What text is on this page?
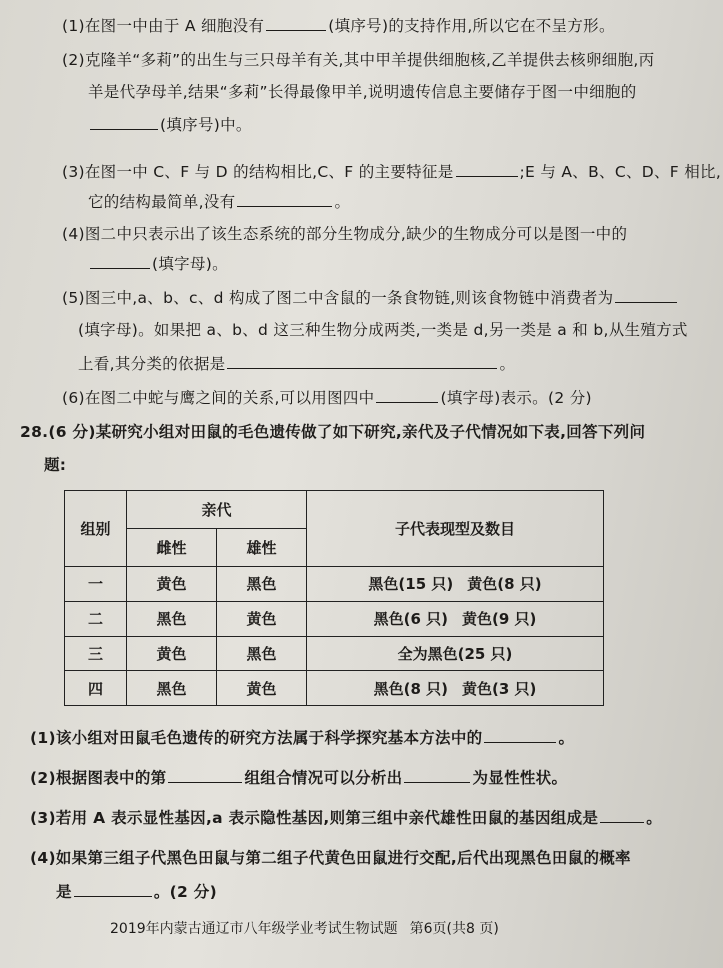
(1)在图一中由于 A 细胞没有	(填序号)的支持作用,所以它在不呈方形。
(2)克隆羊“多莉”的出生与三只母羊有关,其中甲羊提供细胞核,乙羊提供去核卵细胞,丙
羊是代孕母羊,结果“多莉”长得最像甲羊,说明遗传信息主要储存于图一中细胞的
(填序号)中。
(3)在图一中 C、F 与 D 的结构相比,C、F 的主要特征是	;E 与 A、B、C、D、F 相比,
它的结构最简单,没有	。
(4)图二中只表示出了该生态系统的部分生物成分,缺少的生物成分可以是图一中的
(填字母)。
(5)图三中,a、b、c、d 构成了图二中含鼠的一条食物链,则该食物链中消费者为
(填字母)。如果把 a、b、d 这三种生物分成两类,一类是 d,另一类是 a 和 b,从生殖方式
上看,其分类的依据是	。
(6)在图二中蛇与鹰之间的关系,可以用图四中	(填字母)表示。(2 分)
28.(6 分)某研究小组对田鼠的毛色遗传做了如下研究,亲代及子代情况如下表,回答下列问
题:
组别	亲代		子代表现型及数目
	雌性	雄性	
一	黄色	黑色	黑色(15 只) 黄色(8 只)
二	黑色	黄色	黑色(6 只) 黄色(9 只)
三	黄色	黑色	全为黑色(25 只)
四	黑色	黄色	黑色(8 只) 黄色(3 只)
(1)该小组对田鼠毛色遗传的研究方法属于科学探究基本方法中的	。
(2)根据图表中的第	组组合情况可以分析出	为显性性状。
(3)若用 A 表示显性基因,a 表示隐性基因,则第三组中亲代雄性田鼠的基因组成是	。
(4)如果第三组子代黑色田鼠与第二组子代黄色田鼠进行交配,后代出现黑色田鼠的概率
是	。(2 分)
2019年内蒙古通辽市八年级学业考试生物试题 第6页(共8 页)
